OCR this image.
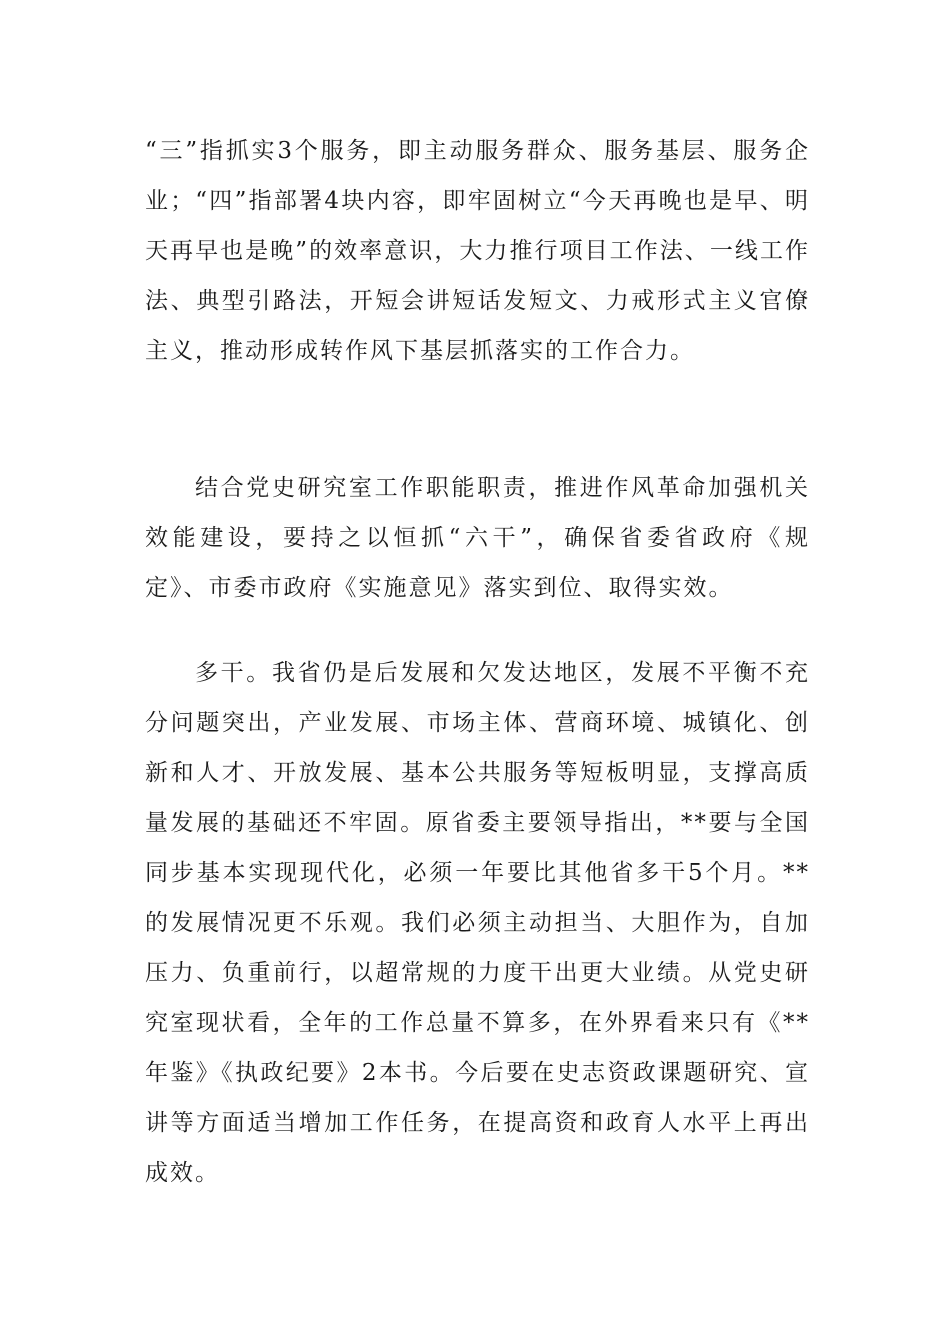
“三”指抓实3个服务，即主动服务群众、服务基层、服务企业；“四”指部署4块内容，即牢固树立“今天再晚也是早、明天再早也是晚”的效率意识，大力推行项目工作法、一线工作法、典型引路法，开短会讲短话发短文、力戒形式主义官僚主义，推动形成转作风下基层抓落实的工作合力。

结合党史研究室工作职能职责，推进作风革命加强机关效能建设，要持之以恒抓“六干”，确保省委省政府《规定》、市委市政府《实施意见》落实到位、取得实效。

多干。我省仍是后发展和欠发达地区，发展不平衡不充分问题突出，产业发展、市场主体、营商环境、城镇化、创新和人才、开放发展、基本公共服务等短板明显，支撑高质量发展的基础还不牢固。原省委主要领导指出，**要与全国同步基本实现现代化，必须一年要比其他省多干5个月。**的发展情况更不乐观。我们必须主动担当、大胆作为，自加压力、负重前行，以超常规的力度干出更大业绩。从党史研究室现状看，全年的工作总量不算多，在外界看来只有《**年鉴》《执政纪要》2本书。今后要在史志资政课题研究、宣讲等方面适当增加工作任务，在提高资和政育人水平上再出成效。
